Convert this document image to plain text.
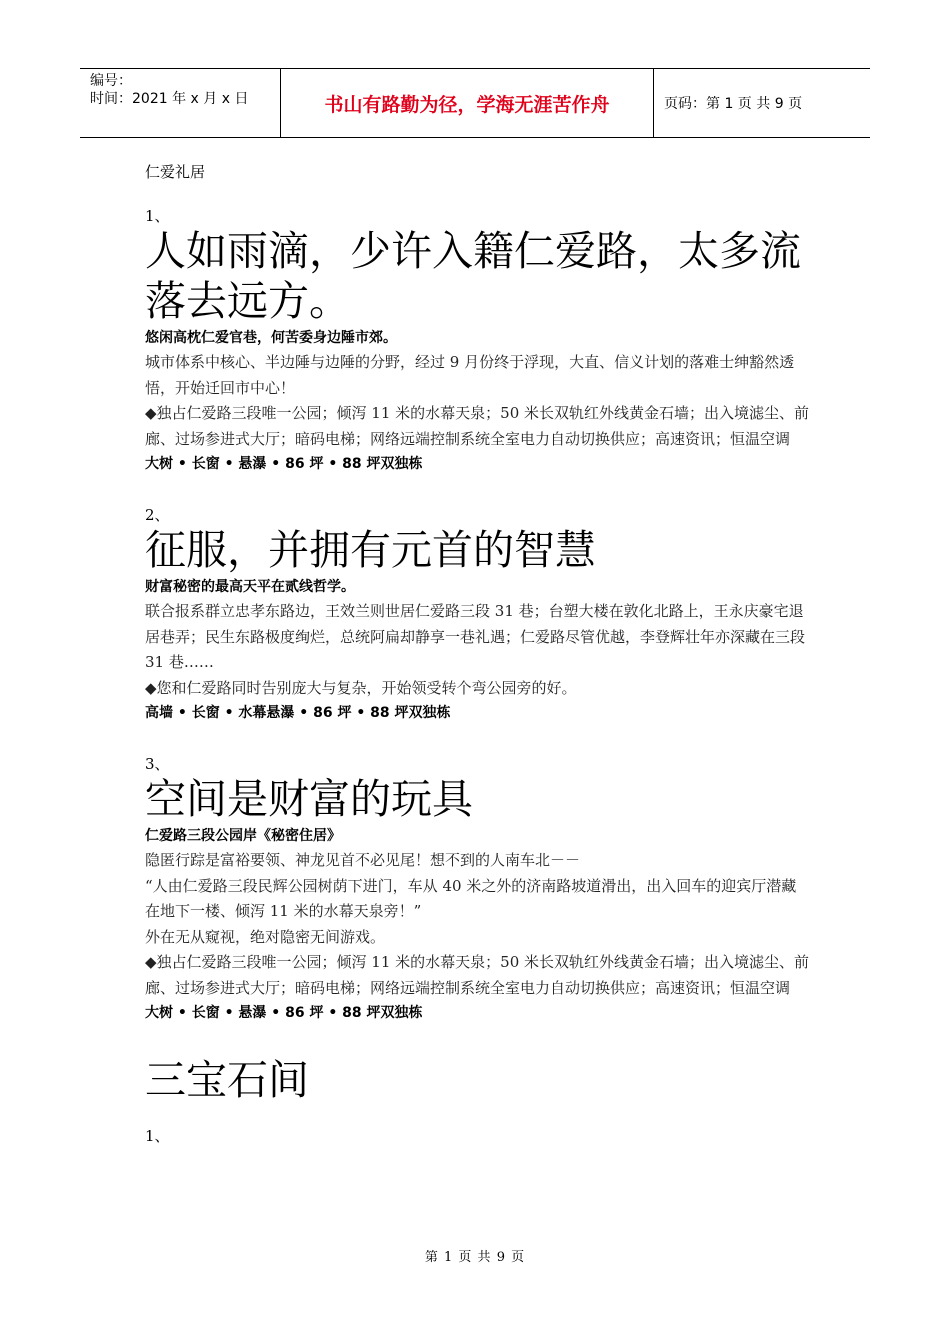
编号：
时间：2021 年 x 月 x 日	书山有路勤为径，学海无涯苦作舟	页码：第 1 页 共 9 页

仁爱礼居

1、

人如雨滴，少许入籍仁爱路，太多流落去远方。

悠闲高枕仁爱官巷，何苦委身边陲市郊。

城市体系中核心、半边陲与边陲的分野，经过 9 月份终于浮现，大直、信义计划的落难士绅豁然透悟，开始迁回市中心！

◆独占仁爱路三段唯一公园；倾泻 11 米的水幕天泉；50 米长双轨红外线黄金石墙；出入境滤尘、前廊、过场参进式大厅；暗码电梯；网络远端控制系统全室电力自动切换供应；高速资讯；恒温空调

大树 • 长窗 • 悬瀑 • 86 坪 • 88 坪双独栋

2、

征服，并拥有元首的智慧

财富秘密的最高天平在贰线哲学。

联合报系群立忠孝东路边，王效兰则世居仁爱路三段 31 巷；台塑大楼在敦化北路上，王永庆豪宅退居巷弄；民生东路极度绚烂，总统阿扁却静享一巷礼遇；仁爱路尽管优越，李登辉壮年亦深藏在三段 31 巷……

◆您和仁爱路同时告别庞大与复杂，开始领受转个弯公园旁的好。

高墙 • 长窗 • 水幕悬瀑 • 86 坪 • 88 坪双独栋

3、

空间是财富的玩具

仁爱路三段公园岸《秘密住居》

隐匿行踪是富裕要领、神龙见首不必见尾！想不到的人南车北－－

“人由仁爱路三段民辉公园树荫下进门，车从 40 米之外的济南路坡道滑出，出入回车的迎宾厅潜藏在地下一楼、倾泻 11 米的水幕天泉旁！”

外在无从窥视，绝对隐密无间游戏。

◆独占仁爱路三段唯一公园；倾泻 11 米的水幕天泉；50 米长双轨红外线黄金石墙；出入境滤尘、前廊、过场参进式大厅；暗码电梯；网络远端控制系统全室电力自动切换供应；高速资讯；恒温空调

大树 • 长窗 • 悬瀑 • 86 坪 • 88 坪双独栋

三宝石间

1、

第 1 页 共 9 页
